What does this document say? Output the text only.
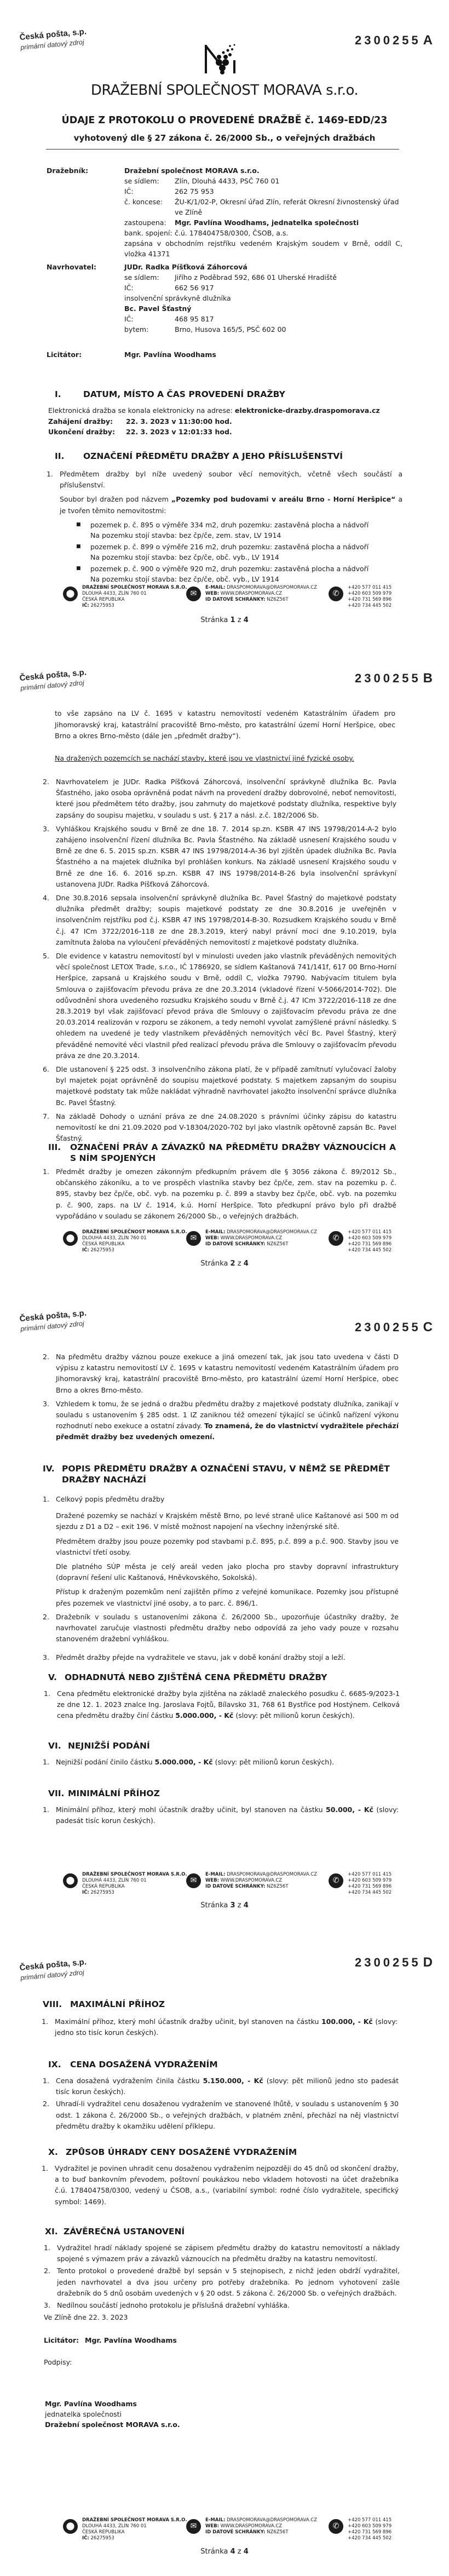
Česká pošta, s.p.
primární datový zdroj	2300255 A
DRAŽEBNÍ SPOLEČNOST MORAVA s.r.o.
ÚDAJE Z PROTOKOLU O PROVEDENÉ DRAŽBĚ č. 1469-EDD/23
vyhotovený dle § 27 zákona č. 26/2000 Sb., o veřejných dražbách
Dražebník:	Dražební společnost MORAVA s.r.o.
se sídlem:	Zlín, Dlouhá 4433, PSČ 760 01
IČ:	262 75 953
č. koncese:	ŽU-K/1/02-P, Okresní úřad Zlín, referát Okresní živnostenský úřad ve Zlíně
zastoupena:	Mgr. Pavlína Woodhams, jednatelka společnosti
bank. spojení: č.ú. 178404758/0300, ČSOB, a.s.
zapsána v obchodním rejstříku vedeném Krajským soudem v Brně, oddíl C, vložka 41371
Navrhovatel:	JUDr. Radka Píšťková Záhorcová
se sídlem:	Jiřího z Poděbrad 592, 686 01 Uherské Hradiště
IČ:	662 56 917
insolvenční správkyně dlužníka
Bc. Pavel Šťastný
IČ:	468 95 817
bytem:	Brno, Husova 165/5, PSČ 602 00
Licitátor:	Mgr. Pavlína Woodhams
I.	DATUM, MÍSTO A ČAS PROVEDENÍ DRAŽBY
Elektronická dražba se konala elektronicky na adrese: elektronicke-drazby.draspomorava.cz
Zahájení dražby:	22. 3. 2023 v 11:30:00 hod.
Ukončení dražby:	22. 3. 2023 v 12:01:33 hod.
II.	OZNAČENÍ PŘEDMĚTU DRAŽBY A JEHO PŘÍSLUŠENSTVÍ
1. Předmětem dražby byl níže uvedený soubor věcí nemovitých, včetně všech součástí a příslušenství.
Soubor byl dražen pod názvem „Pozemky pod budovami v areálu Brno - Horní Heršpice“ a je tvořen těmito nemovitostmi:
■	pozemek p. č. 895 o výměře 334 m2, druh pozemku: zastavěná plocha a nádvoří
Na pozemku stojí stavba: bez čp/če, zem. stav, LV 1914
■	pozemek p. č. 899 o výměře 216 m2, druh pozemku: zastavěná plocha a nádvoří
Na pozemku stojí stavba: bez čp/če, obč. vyb., LV 1914
■	pozemek p. č. 900 o výměře 920 m2, druh pozemku: zastavěná plocha a nádvoří
Na pozemku stojí stavba: bez čp/če, obč. vyb., LV 1914
⬤
DRAŽEBNÍ SPOLEČNOST MORAVA S.R.O.
DLOUHÁ 4433, ZLÍN 760 01
ČESKÁ REPUBLIKA
IČ: 26275953
✉
E-MAIL: DRASPOMORAVA@DRASPOMORAVA.CZ
WEB: WWW.DRASPOMORAVA.CZ
ID DATOVÉ SCHRÁNKY: NZ6Z56T
✆
+420 577 011 415
+420 603 509 979
+420 731 569 896
+420 734 445 502
Stránka 1 z 4
Česká pošta, s.p.
primární datový zdroj
2300255 B
to vše zapsáno na LV č. 1695 v katastru nemovitostí vedeném Katastrálním úřadem pro Jihomoravský kraj, katastrální pracoviště Brno-město, pro katastrální území Horní Heršpice, obec Brno a okres Brno-město (dále jen „předmět dražby“).
Na dražených pozemcích se nachází stavby, které jsou ve vlastnictví jiné fyzické osoby.
2. Navrhovatelem je JUDr. Radka Píšťková Záhorcová, insolvenční správkyně dlužníka Bc. Pavla Šťastného, jako osoba oprávněná podat návrh na provedení dražby dobrovolné, neboť nemovitosti, které jsou předmětem této dražby, jsou zahrnuty do majetkové podstaty dlužníka, respektive byly zapsány do soupisu majetku, v souladu s ust. § 217 a násl. z.č. 182/2006 Sb.
3. Vyhláškou Krajského soudu v Brně ze dne 18. 7. 2014 sp.zn. KSBR 47 INS 19798/2014-A-2 bylo zahájeno insolvenční řízení dlužníka Bc. Pavla Šťastného. Na základě usnesení Krajského soudu v Brně ze dne 6. 5. 2015 sp.zn. KSBR 47 INS 19798/2014-A-36 byl zjištěn úpadek dlužníka Bc. Pavla Šťastného a na majetek dlužníka byl prohlášen konkurs. Na základě usnesení Krajského soudu v Brně ze dne 16. 6. 2016 sp.zn. KSBR 47 INS 19798/2014-B-26 byla insolvenční správkyní ustanovena JUDr. Radka Píšťková Záhorcová.
4. Dne 30.8.2016 sepsala insolvenční správkyně dlužníka Bc. Pavel Šťastný do majetkové podstaty dlužníka předmět dražby; soupis majetkové podstaty ze dne 30.8.2016 je uveřejněn v insolvenčním rejstříku pod č.j. KSBR 47 INS 19798/2014-B-30. Rozsudkem Krajského soudu v Brně č.j. 47 ICm 3722/2016-118 ze dne 28.3.2019, který nabyl právní moci dne 9.10.2019, byla zamítnuta žaloba na vyloučení převáděných nemovitostí z majetkové podstaty dlužníka.
5. Dle evidence v katastru nemovitostí byl v minulosti uveden jako vlastník převáděných nemovitých věcí společnost LETOX Trade, s.r.o., IČ 1786920, se sídlem Kaštanová 741/141f, 617 00 Brno-Horní Heršpice, zapsaná u Krajského soudu v Brně, oddíl C, vložka 79790. Nabývacím titulem byla Smlouva o zajišťovacím převodu práva ze dne 20.3.2014 (vkladové řízení V-5066/2014-702). Dle odůvodnění shora uvedeného rozsudku Krajského soudu v Brně č.j. 47 ICm 3722/2016-118 ze dne 28.3.2019 byl však zajišťovací převod práva dle Smlouvy o zajišťovacím převodu práva ze dne 20.03.2014 realizován v rozporu se zákonem, a tedy nemohl vyvolat zamýšlené právní následky. S ohledem na uvedené je tedy vlastníkem převáděných nemovitých věcí Bc. Pavel Šťastný, který převáděné nemovité věci vlastnil před realizací převodu práva dle Smlouvy o zajišťovacím převodu práva ze dne 20.3.2014.
6. Dle ustanovení § 225 odst. 3 insolvenčního zákona platí, že v případě zamítnutí vylučovací žaloby byl majetek pojat oprávněně do soupisu majetkové podstaty. S majetkem zapsaným do soupisu majetkové podstaty tak může nakládat výhradně navrhovatel jakožto insolvenční správce dlužníka Bc. Pavel Šťastný.
7. Na základě Dohody o uznání práva ze dne 24.08.2020 s právními účinky zápisu do katastru nemovitostí ke dni 21.09.2020 pod V-18304/2020-702 byl jako vlastník opětovně zapsán Bc. Pavel Šťastný.
III.	OZNAČENÍ PRÁV A ZÁVAZKŮ NA PŘEDMĚTU DRAŽBY VÁZNOUCÍCH A S NÍM SPOJENÝCH
1. Předmět dražby je omezen zákonným předkupním právem dle § 3056 zákona č. 89/2012 Sb., občanského zákoníku, a to ve prospěch vlastníka stavby bez čp/če, zem. stav na pozemku p. č. 895, stavby bez čp/če, obč. vyb. na pozemku p. č. 899 a stavby bez čp/če, obč. vyb. na pozemku p. č. 900, zaps. na LV č. 1914, k.ú. Horní Heršpice. Toto předkupní právo bylo při dražbě vypořádáno v souladu se zákonem 26/2000 Sb., o veřejných dražbách.
⬤
DRAŽEBNÍ SPOLEČNOST MORAVA S.R.O.
DLOUHÁ 4433, ZLÍN 760 01
ČESKÁ REPUBLIKA
IČ: 26275953
✉
E-MAIL: DRASPOMORAVA@DRASPOMORAVA.CZ
WEB: WWW.DRASPOMORAVA.CZ
ID DATOVÉ SCHRÁNKY: NZ6Z56T
✆
+420 577 011 415
+420 603 509 979
+420 731 569 896
+420 734 445 502
Stránka 2 z 4
Česká pošta, s.p.
primární datový zdroj	2300255 C
2. Na předmětu dražby váznou pouze exekuce a jiná omezení tak, jak jsou tato uvedena v části D výpisu z katastru nemovitostí LV č. 1695 v katastru nemovitostí vedeném Katastrálním úřadem pro Jihomoravský kraj, katastrální pracoviště Brno-město, pro katastrální území Horní Heršpice, obec Brno a okres Brno-město.
3. Vzhledem k tomu, že se jedná o dražbu předmětu dražby z majetkové podstaty dlužníka, zanikají v souladu s ustanovením § 285 odst. 1 IZ zaniknou též omezení týkající se účinků nařízení výkonu rozhodnutí nebo exekuce a ostatní závady. To znamená, že do vlastnictví vydražitele přechází předmět dražby bez uvedených omezení.
IV. POPIS PŘEDMĚTU DRAŽBY A OZNAČENÍ STAVU, V NĚMŽ SE PŘEDMĚT DRAŽBY NACHÁZÍ
1. Celkový popis předmětu dražby
Dražené pozemky se nachází v Krajském městě Brno, po levé straně ulice Kaštanové asi 500 m od sjezdu z D1 a D2 – exit 196. V místě možnost napojení na všechny inženýrské sítě.
Předmětem dražby jsou pouze pozemky pod stavbami p.č. 895, p.č. 899 a p.č. 900. Stavby jsou ve vlastnictví třetí osoby.
Dle platného SÚP města je celý areál veden jako plocha pro stavby dopravní infrastruktury (dopravní řešení ulic Kaštanová, Hněvkovského, Sokolská).
Přístup k draženým pozemkům není zajištěn přímo z veřejné komunikace. Pozemky jsou přístupné přes pozemek ve vlastnictví jiné osoby, a to parc. č. 896/1.
2. Dražebník v souladu s ustanoveními zákona č. 26/2000 Sb., upozorňuje účastníky dražby, že navrhovatel zaručuje vlastnosti předmětu dražby nebo odpovídá za jeho vady pouze v rozsahu stanoveném dražební vyhláškou.
3. Předmět dražby přejde na vydražitele ve stavu, jak v době konání dražby stojí a leží.
V. ODHADNUTÁ NEBO ZJIŠTĚNÁ CENA PŘEDMĚTU DRAŽBY
1. Cena předmětu elektronické dražby byla zjištěna na základě znaleckého posudku č. 6685-9/2023-1 ze dne 12. 1. 2023 znalce Ing. Jaroslava Fojtů, Bílavsko 31, 768 61 Bystřice pod Hostýnem. Celková cena předmětu dražby činí částku 5.000.000, - Kč (slovy: pět milionů korun českých).
VI. NEJNIŽŠÍ PODÁNÍ
1. Nejnižší podání činilo částku 5.000.000, - Kč (slovy: pět milionů korun českých).
VII. MINIMÁLNÍ PŘÍHOZ
1. Minimální příhoz, který mohl účastník dražby učinit, byl stanoven na částku 50.000, - Kč (slovy: padesát tisíc korun českých).
⬤
DRAŽEBNÍ SPOLEČNOST MORAVA S.R.O.
DLOUHÁ 4433, ZLÍN 760 01
ČESKÁ REPUBLIKA
IČ: 26275953
✉
E-MAIL: DRASPOMORAVA@DRASPOMORAVA.CZ
WEB: WWW.DRASPOMORAVA.CZ
ID DATOVÉ SCHRÁNKY: NZ6Z56T
✆
+420 577 011 415
+420 603 509 979
+420 731 569 896
+420 734 445 502
Stránka 3 z 4
Česká pošta, s.p.
primární datový zdroj
2300255 D
VIII. MAXIMÁLNÍ PŘÍHOZ
1. Maximální příhoz, který mohl účastník dražby učinit, byl stanoven na částku 100.000, - Kč (slovy: jedno sto tisíc korun českých).
IX.	CENA DOSAŽENÁ VYDRAŽENÍM
1. Cena dosažená vydražením činila částku 5.150.000, - Kč (slovy: pět milionů jedno sto padesát tisíc korun českých).
2. Uhradí-li vydražitel cenu dosaženou vydražením ve stanovené lhůtě, v souladu s ustanovením § 30 odst. 1 zákona č. 26/2000 Sb., o veřejných dražbách, v platném znění, přechází na něj vlastnictví předmětu dražby k okamžiku udělení příklepu.
X. ZPŮSOB ÚHRADY CENY DOSAŽENÉ VYDRAŽENÍM
1. Vydražitel je povinen uhradit cenu dosaženou vydražením nejpozději do 45 dnů od skončení dražby, a to buď bankovním převodem, poštovní poukázkou nebo vkladem hotovosti na účet dražebníka č.ú. 178404758/0300, vedený u ČSOB, a.s., (variabilní symbol: rodné číslo vydražitele, specifický symbol: 1469).
XI. ZÁVĚREČNÁ USTANOVENÍ
1. Vydražitel hradí náklady spojené se zápisem předmětu dražby do katastru nemovitostí a náklady spojené s výmazem práv a závazků váznoucích na předmětu dražby na katastru nemovitostí.
2. Tento protokol o provedené dražbě byl sepsán v 5 stejnopisech, z nichž jeden obdrží vydražitel, jeden navrhovatel a dva jsou určeny pro potřeby dražebníka. Po jednom vyhotovení zašle dražebník do 5 dnů osobám uvedených v § 20 odst. 5 zákona č. 26/2000 Sb. o veřejných dražbách.
3. Nedílnou součástí jednoho protokolu je příslušná dražební vyhláška.
Ve Zlíně dne 22. 3. 2023
Licitátor: Mgr. Pavlína Woodhams
Podpisy:
Mgr. Pavlína Woodhams
jednatelka společnosti
Dražební společnost MORAVA s.r.o.
⬤
DRAŽEBNÍ SPOLEČNOST MORAVA S.R.O.
DLOUHÁ 4433, ZLÍN 760 01
ČESKÁ REPUBLIKA
IČ: 26275953
✉
E-MAIL: DRASPOMORAVA@DRASPOMORAVA.CZ
WEB: WWW.DRASPOMORAVA.CZ
ID DATOVÉ SCHRÁNKY: NZ6Z56T
✆
+420 577 011 415
+420 603 509 979
+420 731 569 896
+420 734 445 502
Stránka 4 z 4
